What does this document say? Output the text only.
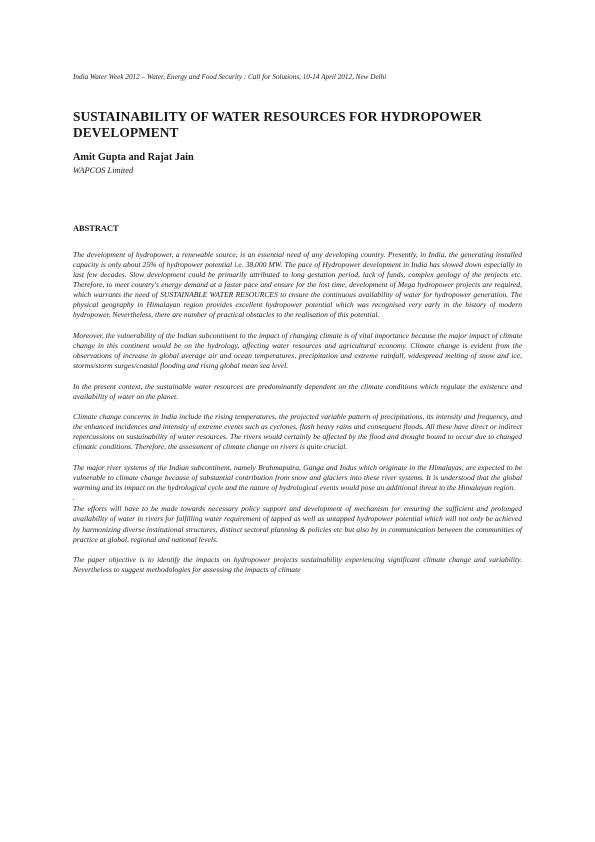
India Water Week 2012 – Water, Energy and Food Security : Call for Solutions, 10-14 April 2012, New Delhi
SUSTAINABILITY OF WATER RESOURCES FOR HYDROPOWER DEVELOPMENT
Amit Gupta and Rajat Jain
WAPCOS Limited
ABSTRACT

The development of hydropower, a renewable source, is an essential need of any developing country. Presently, in India, the generating installed capacity is only about 25% of hydropower potential i.e. 38,000 MW. The pace of Hydropower development in India has slowed down especially in last few decades. Slow development could be primarily attributed to long gestation period, lack of funds, complex geology of the projects etc. Therefore, to meet country's energy demand at a faster pace and ensure for the lost time, development of Mega hydropower projects are required, which warrants the need of SUSTAINABLE WATER RESOURCES to ensure the continuous availability of water for hydropower generation. The physical geography in Himalayan region provides excellent hydropower potential which was recognised very early in the history of modern hydropower. Nevertheless, there are number of practical obstacles to the realisation of this potential.

Moreover, the vulnerability of the Indian subcontinent to the impact of changing climate is of vital importance because the major impact of climate change in this continent would be on the hydrology, affecting water resources and agricultural economy. Climate change is evident from the observations of increase in global average air and ocean temperatures, precipitation and extreme rainfall, widespread melting of snow and ice, storms/storm surges/coastal flooding and rising global mean sea level.

In the present context, the sustainable water resources are predominantly dependent on the climate conditions which regulate the existence and availability of water on the planet.

Climate change concerns in India include the rising temperatures, the projected variable pattern of precipitations, its intensity and frequency, and the enhanced incidences and intensity of extreme events such as cyclones, flash heavy rains and consequent floods. All these have direct or indirect repercussions on sustainability of water resources. The rivers would certainly be affected by the flood and drought bound to occur due to changed climatic conditions. Therefore, the assessment of climate change on rivers is quite crucial.

The major river systems of the Indian subcontinent, namely Brahmaputra, Ganga and Indus which originate in the Himalayas, are expected to be vulnerable to climate change because of substantial contribution from snow and glaciers into these river systems. It is understood that the global warming and its impact on the hydrological cycle and the nature of hydrological events would pose an additional threat to the Himalayan region.

.

The efforts will have to be made towards necessary policy support and development of mechanism for ensuring the sufficient and prolonged availability of water in rivers for fulfilling water requirement of tapped as well as untapped hydropower potential which will not only be achieved by harmonizing diverse institutional structures, distinct sectoral planning & policies etc but also by in communication between the communities of practice at global, regional and national levels.

The paper objective is to identify the impacts on hydropower projects sustainability experiencing significant climate change and variability. Nevertheless to suggest methodologies for assessing the impacts of climate
